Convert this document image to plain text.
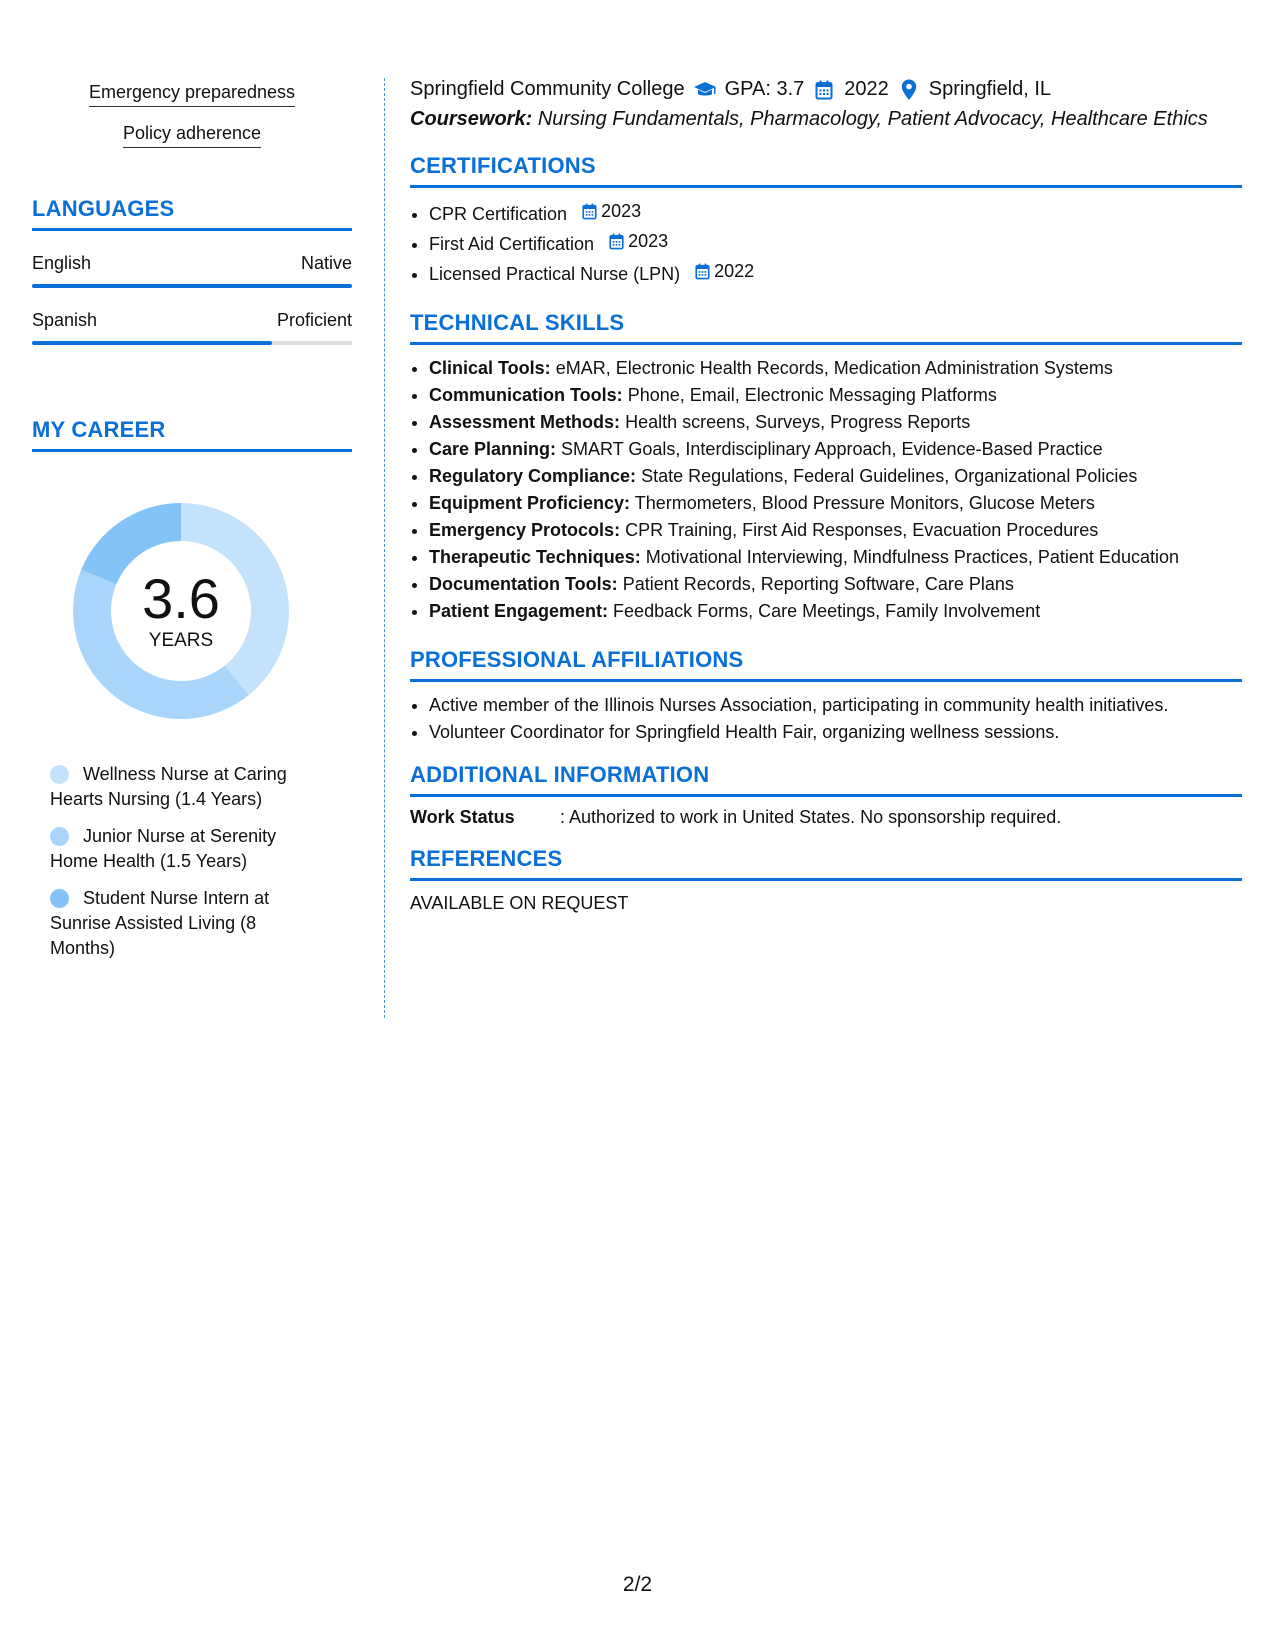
Emergency preparedness
Policy adherence
LANGUAGES
English	Native
Spanish	Proficient
MY CAREER
3.6
YEARS
Wellness Nurse at Caring Hearts Nursing (1.4 Years)
Junior Nurse at Serenity Home Health (1.5 Years)
Student Nurse Intern at Sunrise Assisted Living (8 Months)
Springfield Community College GPA: 3.7 2022 Springfield, IL
Coursework: Nursing Fundamentals, Pharmacology, Patient Advocacy, Healthcare Ethics
CERTIFICATIONS
• CPR Certification 2023
• First Aid Certification 2023
• Licensed Practical Nurse (LPN) 2022
TECHNICAL SKILLS
• Clinical Tools: eMAR, Electronic Health Records, Medication Administration Systems
• Communication Tools: Phone, Email, Electronic Messaging Platforms
• Assessment Methods: Health screens, Surveys, Progress Reports
• Care Planning: SMART Goals, Interdisciplinary Approach, Evidence-Based Practice
• Regulatory Compliance: State Regulations, Federal Guidelines, Organizational Policies
• Equipment Proficiency: Thermometers, Blood Pressure Monitors, Glucose Meters
• Emergency Protocols: CPR Training, First Aid Responses, Evacuation Procedures
• Therapeutic Techniques: Motivational Interviewing, Mindfulness Practices, Patient Education
• Documentation Tools: Patient Records, Reporting Software, Care Plans
• Patient Engagement: Feedback Forms, Care Meetings, Family Involvement
PROFESSIONAL AFFILIATIONS
• Active member of the Illinois Nurses Association, participating in community health initiatives.
• Volunteer Coordinator for Springfield Health Fair, organizing wellness sessions.
ADDITIONAL INFORMATION
Work Status	: Authorized to work in United States. No sponsorship required.
REFERENCES
AVAILABLE ON REQUEST
2/2
